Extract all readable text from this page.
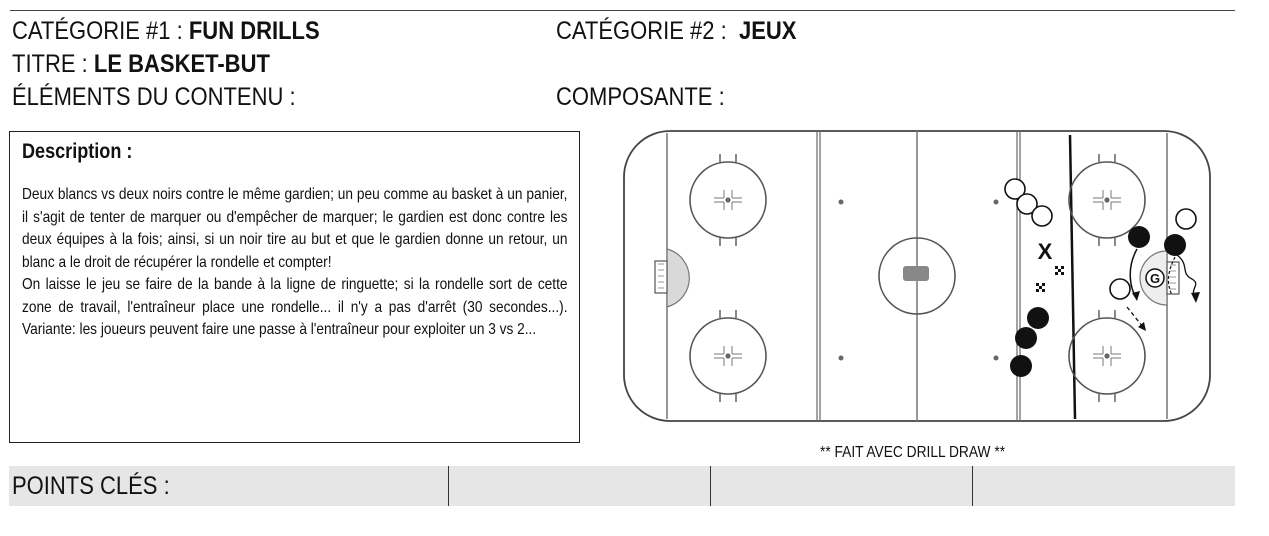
CATÉGORIE #1 : FUN DRILLS
TITRE : LE BASKET-BUT
ÉLÉMENTS DU CONTENU :
CATÉGORIE #2 : JEUX
COMPOSANTE :
Description :

Deux blancs vs deux noirs contre le même gardien; un peu comme au basket à un panier, il s'agit de tenter de marquer ou d'empêcher de marquer; le gardien est donc contre les deux équipes à la fois; ainsi, si un noir tire au but et que le gardien donne un retour, un blanc a le droit de récupérer la rondelle et compter!

On laisse le jeu se faire de la bande à la ligne de ringuette; si la rondelle sort de cette zone de travail, l'entraîneur place une rondelle... il n'y a pas d'arrêt (30 secondes...). Variante: les joueurs peuvent faire une passe à l'entraîneur pour exploiter un 3 vs 2...

X
G
** FAIT AVEC DRILL DRAW **
POINTS CLÉS :
